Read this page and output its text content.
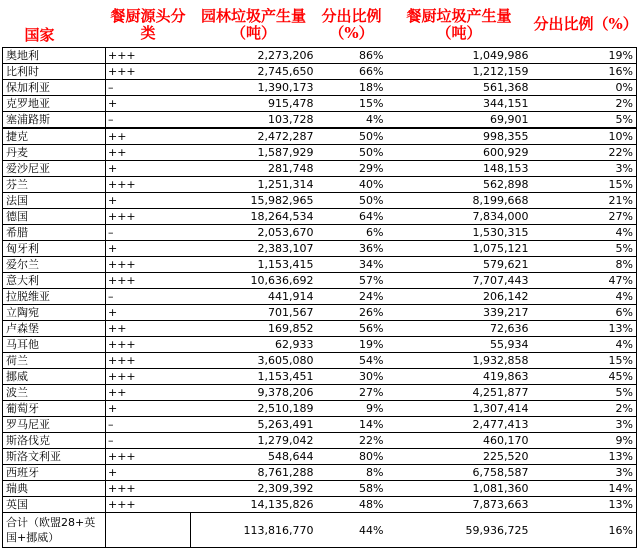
国家	餐厨源头分类	园林垃圾产生量（吨）	分出比例（%）	餐厨垃圾产生量（吨）	分出比例（%）
奥地利	+++	2,273,206	86%	1,049,986	19%
比利时	+++	2,745,650	66%	1,212,159	16%
保加利亚	–	1,390,173	18%	561,368	0%
克罗地亚	+	915,478	15%	344,151	2%
塞浦路斯	–	103,728	4%	69,901	5%
捷克	++	2,472,287	50%	998,355	10%
丹麦	++	1,587,929	50%	600,929	22%
爱沙尼亚	+	281,748	29%	148,153	3%
芬兰	+++	1,251,314	40%	562,898	15%
法国	+	15,982,965	50%	8,199,668	21%
德国	+++	18,264,534	64%	7,834,000	27%
希腊	–	2,053,670	6%	1,530,315	4%
匈牙利	+	2,383,107	36%	1,075,121	5%
爱尔兰	+++	1,153,415	34%	579,621	8%
意大利	+++	10,636,692	57%	7,707,443	47%
拉脱维亚	–	441,914	24%	206,142	4%
立陶宛	+	701,567	26%	339,217	6%
卢森堡	++	169,852	56%	72,636	13%
马耳他	+++	62,933	19%	55,934	4%
荷兰	+++	3,605,080	54%	1,932,858	15%
挪威	+++	1,153,451	30%	419,863	45%
波兰	++	9,378,206	27%	4,251,877	5%
葡萄牙	+	2,510,189	9%	1,307,414	2%
罗马尼亚	–	5,263,491	14%	2,477,413	3%
斯洛伐克	–	1,279,042	22%	460,170	9%
斯洛文利亚	+++	548,644	80%	225,520	13%
西班牙	+	8,761,288	8%	6,758,587	3%
瑞典	+++	2,309,392	58%	1,081,360	14%
英国	+++	14,135,826	48%	7,873,663	13%
合计（欧盟28+英国+挪威）		113,816,770	44%	59,936,725	16%
